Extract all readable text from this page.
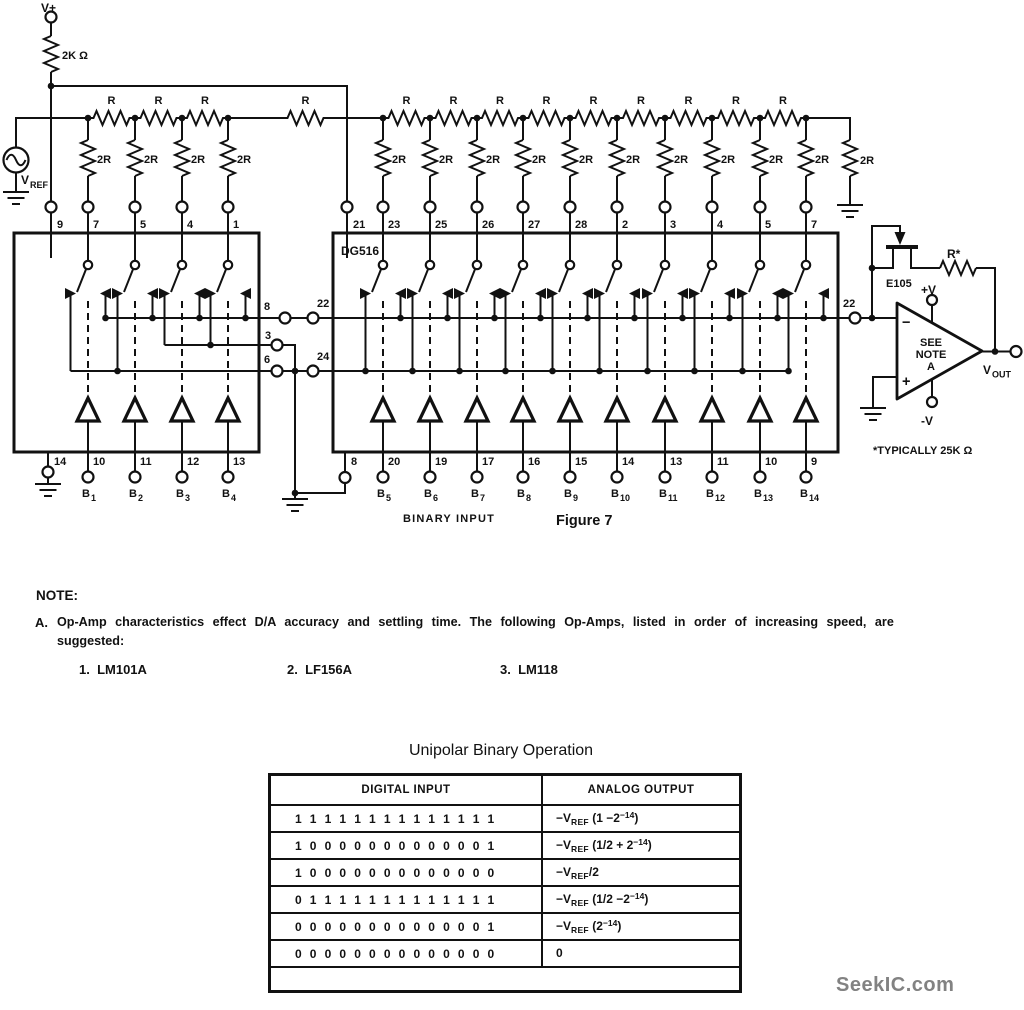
R	R	R	R	R	R	R	R	R	R	R	R	R
7
2R
10
B 1
5
2R
11
B 2
4
2R
12
B 3
1
2R
13
B 4
23
2R
20
B 5
25
2R
19
B 6
26
2R
17
B 7
27
2R
16
B 8
28
2R
15
B 9
2
2R
14
B 10
3
2R
13
B 11
4
2R
11
B 12
5
2R
10
B 13
7
2R
9
B 14
V+
2K Ω
V REF
9	21
DG516
2R
8	22
3
6	24
14	8
22
E105
R*
+V
-V
−
+
SEE
NOTE
A	V OUT
*TYPICALLY 25K Ω
BINARY INPUT	Figure 7
NOTE:
A. Op-Amp characteristics effect D/A accuracy and settling time. The following Op-Amps, listed in order of increasing speed, are
suggested:
1.  LM101A	2.  LF156A	3.  LM118
Unipolar Binary Operation
DIGITAL INPUT	ANALOG OUTPUT
1 1 1 1 1 1 1 1 1 1 1 1 1 1	$-V_{REF}$ $(1 -2^{-14})$
1 0 0 0 0 0 0 0 0 0 0 0 0 1	$-V_{REF}$ $(1/2 + 2^{-14})$
1 0 0 0 0 0 0 0 0 0 0 0 0 0	$-V_{REF}/2$
0 1 1 1 1 1 1 1 1 1 1 1 1 1	$-V_{REF}$ $(1/2 -2^{-14})$
0 0 0 0 0 0 0 0 0 0 0 0 0 1	$-V_{REF}$ $(2^{-14})$
0 0 0 0 0 0 0 0 0 0 0 0 0 0	0

SeekIC.com
